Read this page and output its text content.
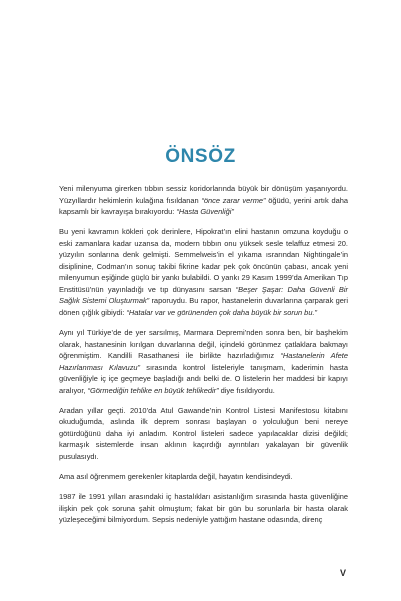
ÖNSÖZ

Yeni milenyuma girerken tıbbın sessiz koridorlarında büyük bir dönüşüm yaşanıyordu. Yüzyıllardır hekimlerin kulağına fısıldanan “önce zarar verme” öğüdü, yerini artık daha kapsamlı bir kavrayışa bırakıyordu: “Hasta Güvenliği”

Bu yeni kavramın kökleri çok derinlere, Hipokrat’ın elini hastanın omzuna koyduğu o eski zamanlara kadar uzansa da, modern tıbbın onu yüksek sesle telaffuz etmesi 20. yüzyılın sonlarına denk gelmişti. Semmelweis’in el yıkama ısrarından Nightingale’in disiplinine, Codman’ın sonuç takibi fikrine kadar pek çok öncünün çabası, ancak yeni milenyumun eşiğinde güçlü bir yankı bulabildi. O yankı 29 Kasım 1999’da Amerikan Tıp Enstitüsü’nün yayınladığı ve tıp dünyasını sarsan “Beşer Şaşar: Daha Güvenli Bir Sağlık Sistemi Oluşturmak” raporuydu. Bu rapor, hastanelerin duvarlarına çarparak geri dönen çığlık gibiydi: “Hatalar var ve görünenden çok daha büyük bir sorun bu.”

Aynı yıl Türkiye’de de yer sarsılmış, Marmara Depremi’nden sonra ben, bir başhekim olarak, hastanesinin kırılgan duvarlarına değil, içindeki görünmez çatlaklara bakmayı öğrenmiştim. Kandilli Rasathanesi ile birlikte hazırladığımız “Hastanelerin Afete Hazırlanması Kılavuzu” sırasında kontrol listeleriyle tanışmam, kaderimin hasta güvenliğiyle iç içe geçmeye başladığı andı belki de. O listelerin her maddesi bir kapıyı aralıyor, “Görmediğin tehlike en büyük tehlikedir” diye fısıldıyordu.

Aradan yıllar geçti. 2010’da Atul Gawande’nin Kontrol Listesi Manifestosu kitabını okuduğumda, aslında ilk deprem sonrası başlayan o yolculuğun beni nereye götürdüğünü daha iyi anladım. Kontrol listeleri sadece yapılacaklar dizisi değildi; karmaşık sistemlerde insan aklının kaçırdığı ayrıntıları yakalayan bir güvenlik pusulasıydı.

Ama asıl öğrenmem gerekenler kitaplarda değil, hayatın kendisindeydi.

1987 ile 1991 yılları arasındaki iç hastalıkları asistanlığım sırasında hasta güvenliğine ilişkin pek çok soruna şahit olmuştum; fakat bir gün bu sorunlarla bir hasta olarak yüzleşeceğimi bilmiyordum. Sepsis nedeniyle yattığım hastane odasında, direnç

V
